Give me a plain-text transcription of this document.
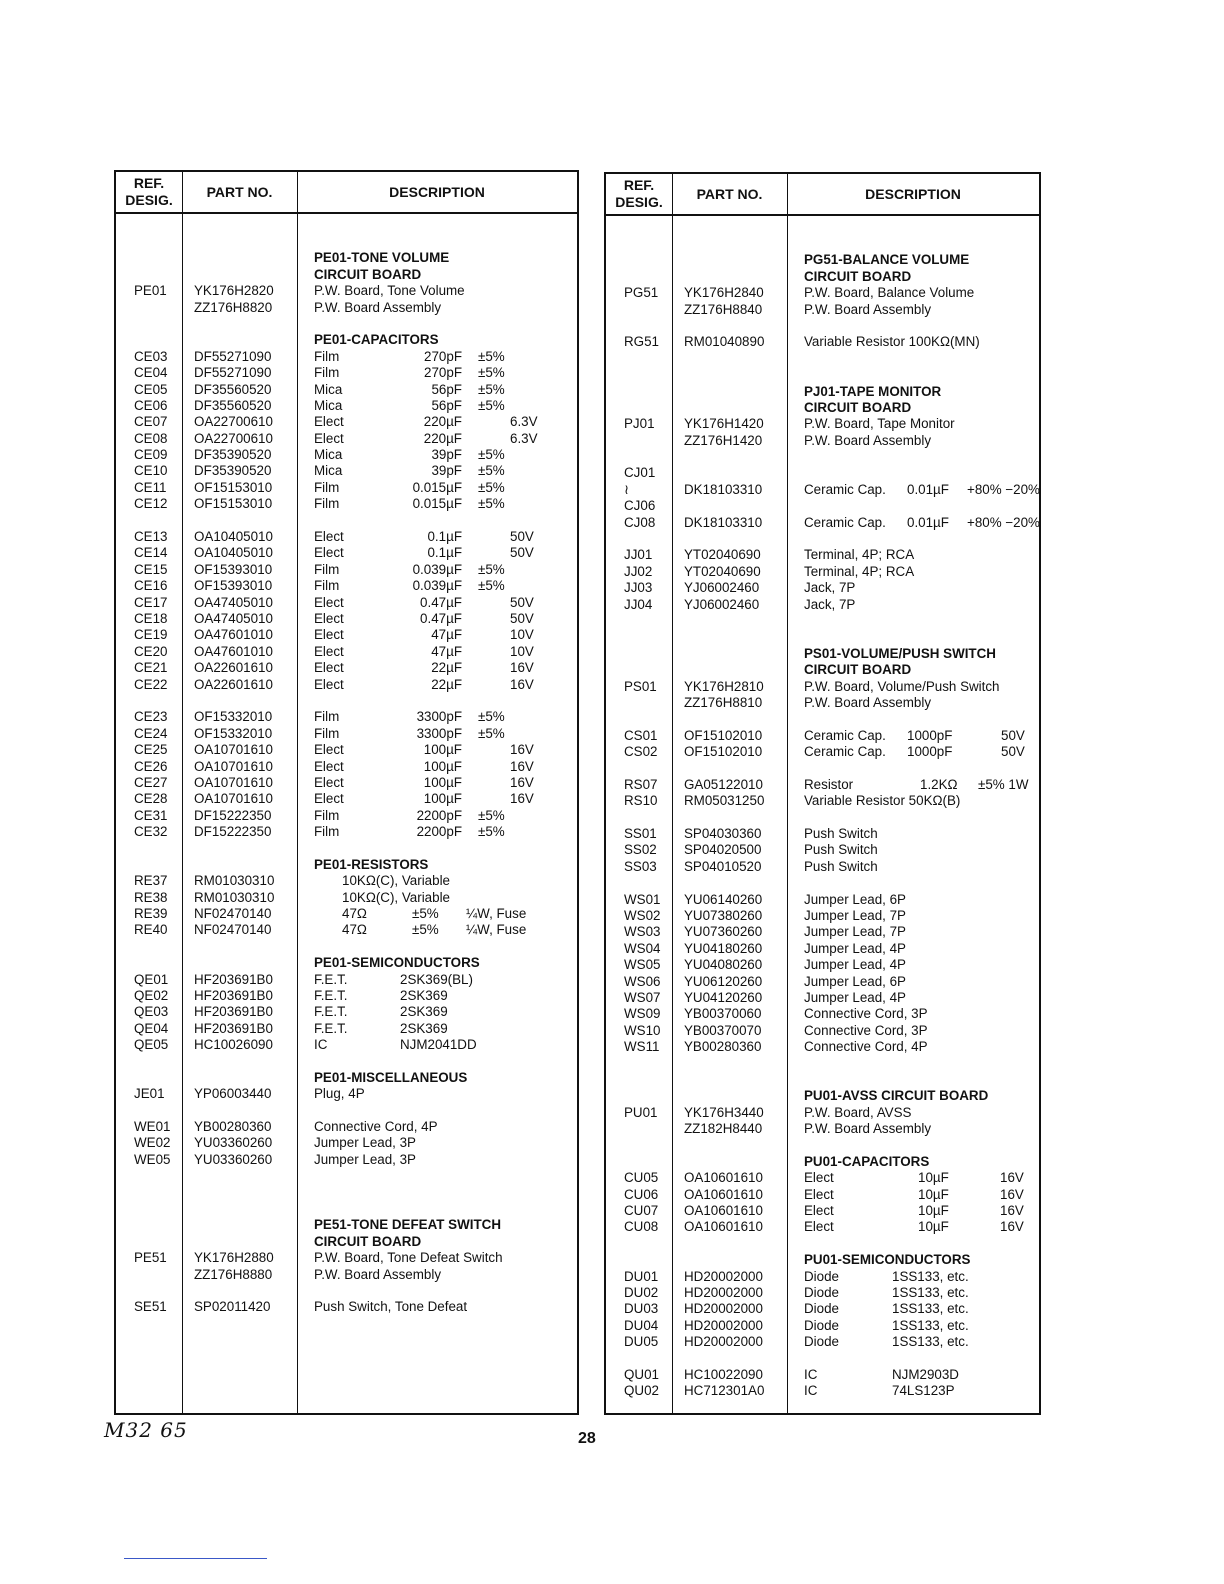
REF.
DESIG.
PART NO.	DESCRIPTION
PE01-TONE VOLUME
CIRCUIT BOARD
PE01 YK176H2820	P.W. Board, Tone Volume
ZZ176H8820	P.W. Board Assembly
PE01-CAPACITORS
CE03 DF55271090	Film	270pF ±5%
CE04 DF55271090	Film	270pF ±5%
CE05 DF35560520	Mica	56pF ±5%
CE06 DF35560520	Mica	56pF ±5%
CE07 OA22700610	Elect	220µF	6.3V
CE08 OA22700610	Elect	220µF	6.3V
CE09 DF35390520	Mica	39pF ±5%
CE10 DF35390520	Mica	39pF ±5%
CE11 OF15153010	Film	0.015µF ±5%
CE12 OF15153010	Film	0.015µF ±5%
CE13 OA10405010	Elect	0.1µF	50V
CE14 OA10405010	Elect	0.1µF	50V
CE15 OF15393010	Film	0.039µF ±5%
CE16 OF15393010	Film	0.039µF ±5%
CE17 OA47405010	Elect	0.47µF	50V
CE18 OA47405010	Elect	0.47µF	50V
CE19 OA47601010	Elect	47µF	10V
CE20 OA47601010	Elect	47µF	10V
CE21 OA22601610	Elect	22µF	16V
CE22 OA22601610	Elect	22µF	16V
CE23 OF15332010	Film	3300pF ±5%
CE24 OF15332010	Film	3300pF ±5%
CE25 OA10701610	Elect	100µF	16V
CE26 OA10701610	Elect	100µF	16V
CE27 OA10701610	Elect	100µF	16V
CE28 OA10701610	Elect	100µF	16V
CE31 DF15222350	Film	2200pF ±5%
CE32 DF15222350	Film	2200pF ±5%
PE01-RESISTORS
RE37 RM01030310	10KΩ(C), Variable
RE38 RM01030310	10KΩ(C), Variable
RE39 NF02470140	47Ω	±5% ¼W, Fuse
RE40 NF02470140	47Ω	±5% ¼W, Fuse
PE01-SEMICONDUCTORS
QE01 HF203691B0	F.E.T.	2SK369(BL)
QE02 HF203691B0	F.E.T.	2SK369
QE03 HF203691B0	F.E.T.	2SK369
QE04 HF203691B0	F.E.T.	2SK369
QE05 HC10026090	IC	NJM2041DD
PE01-MISCELLANEOUS
JE01 YP06003440	Plug, 4P
WE01 YB00280360	Connective Cord, 4P
WE02 YU03360260	Jumper Lead, 3P
WE05 YU03360260	Jumper Lead, 3P
PE51-TONE DEFEAT SWITCH
CIRCUIT BOARD
PE51 YK176H2880	P.W. Board, Tone Defeat Switch
ZZ176H8880	P.W. Board Assembly
SE51 SP02011420	Push Switch, Tone Defeat
REF.
DESIG.
PART NO.	DESCRIPTION
PG51-BALANCE VOLUME
CIRCUIT BOARD
PG51 YK176H2840	P.W. Board, Balance Volume
ZZ176H8840	P.W. Board Assembly
RG51 RM01040890	Variable Resistor 100KΩ(MN)
PJ01-TAPE MONITOR
CIRCUIT BOARD
PJ01 YK176H1420	P.W. Board, Tape Monitor
ZZ176H1420	P.W. Board Assembly
CJ01
≀	DK18103310	Ceramic Cap. 0.01µF +80% −20%
CJ06
CJ08 DK18103310	Ceramic Cap. 0.01µF +80% −20%
JJ01 YT02040690	Terminal, 4P; RCA
JJ02 YT02040690	Terminal, 4P; RCA
JJ03 YJ06002460	Jack, 7P
JJ04 YJ06002460	Jack, 7P
PS01-VOLUME/PUSH SWITCH
CIRCUIT BOARD
PS01 YK176H2810	P.W. Board, Volume/Push Switch
ZZ176H8810	P.W. Board Assembly
CS01 OF15102010	Ceramic Cap. 1000pF	50V
CS02 OF15102010	Ceramic Cap. 1000pF	50V
RS07 GA05122010	Resistor	1.2KΩ ±5% 1W
RS10 RM05031250	Variable Resistor 50KΩ(B)
SS01 SP04030360	Push Switch
SS02 SP04020500	Push Switch
SS03 SP04010520	Push Switch
WS01 YU06140260	Jumper Lead, 6P
WS02 YU07380260	Jumper Lead, 7P
WS03 YU07360260	Jumper Lead, 7P
WS04 YU04180260	Jumper Lead, 4P
WS05 YU04080260	Jumper Lead, 4P
WS06 YU06120260	Jumper Lead, 6P
WS07 YU04120260	Jumper Lead, 4P
WS09 YB00370060	Connective Cord, 3P
WS10 YB00370070	Connective Cord, 3P
WS11 YB00280360	Connective Cord, 4P
PU01-AVSS CIRCUIT BOARD
PU01 YK176H3440	P.W. Board, AVSS
ZZ182H8440	P.W. Board Assembly
PU01-CAPACITORS
CU05 OA10601610	Elect	10µF	16V
CU06 OA10601610	Elect	10µF	16V
CU07 OA10601610	Elect	10µF	16V
CU08 OA10601610	Elect	10µF	16V
PU01-SEMICONDUCTORS
DU01 HD20002000	Diode	1SS133, etc.
DU02 HD20002000	Diode	1SS133, etc.
DU03 HD20002000	Diode	1SS133, etc.
DU04 HD20002000	Diode	1SS133, etc.
DU05 HD20002000	Diode	1SS133, etc.
QU01 HC10022090	IC	NJM2903D
QU02 HC712301A0	IC	74LS123P
M32 65	28
